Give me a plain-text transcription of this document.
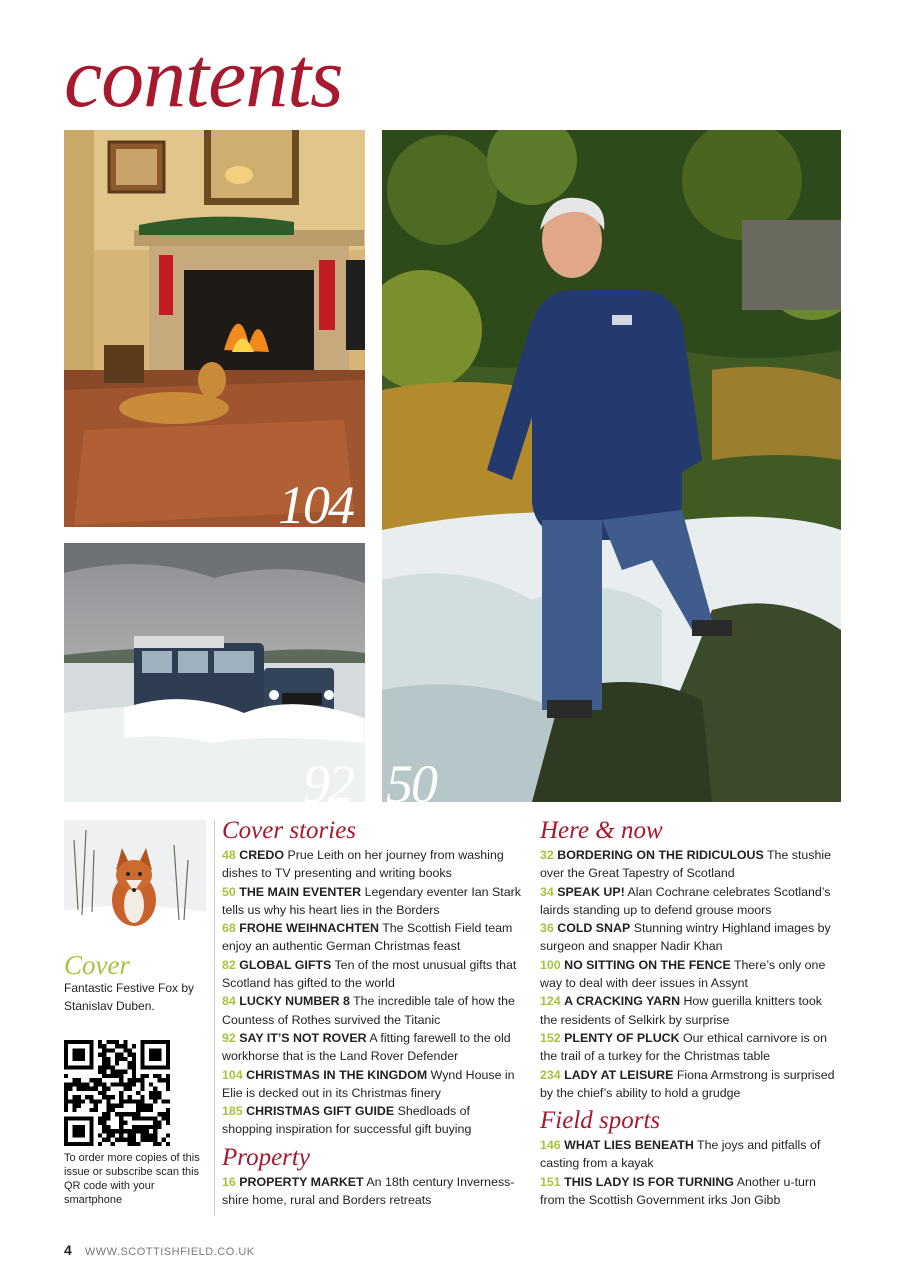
contents
104
92 50
Cover
Fantastic Festive Fox by Stanislav Duben.
To order more copies of this issue or subscribe scan this QR code with your smartphone
Cover stories
48 CREDO Prue Leith on her journey from washing dishes to TV presenting and writing books
50 THE MAIN EVENTER Legendary eventer Ian Stark tells us why his heart lies in the Borders
68 FROHE WEIHNACHTEN The Scottish Field team enjoy an authentic German Christmas feast
82 GLOBAL GIFTS Ten of the most unusual gifts that Scotland has gifted to the world
84 LUCKY NUMBER 8 The incredible tale of how the Countess of Rothes survived the Titanic
92 SAY IT’S NOT ROVER A fitting farewell to the old workhorse that is the Land Rover Defender
104 CHRISTMAS IN THE KINGDOM Wynd House in Elie is decked out in its Christmas finery
185 CHRISTMAS GIFT GUIDE Shedloads of shopping inspiration for successful gift buying
Property
16 PROPERTY MARKET An 18th century Inverness-shire home, rural and Borders retreats
Here & now
32 BORDERING ON THE RIDICULOUS The stushie over the Great Tapestry of Scotland
34 SPEAK UP! Alan Cochrane celebrates Scotland’s lairds standing up to defend grouse moors
36 COLD SNAP Stunning wintry Highland images by surgeon and snapper Nadir Khan
100 NO SITTING ON THE FENCE There’s only one way to deal with deer issues in Assynt
124 A CRACKING YARN How guerilla knitters took the residents of Selkirk by surprise
152 PLENTY OF PLUCK Our ethical carnivore is on the trail of a turkey for the Christmas table
234 LADY AT LEISURE Fiona Armstrong is surprised by the chief’s ability to hold a grudge
Field sports
146 WHAT LIES BENEATH The joys and pitfalls of casting from a kayak
151 THIS LADY IS FOR TURNING Another u-turn from the Scottish Government irks Jon Gibb
4 WWW.SCOTTISHFIELD.CO.UK
